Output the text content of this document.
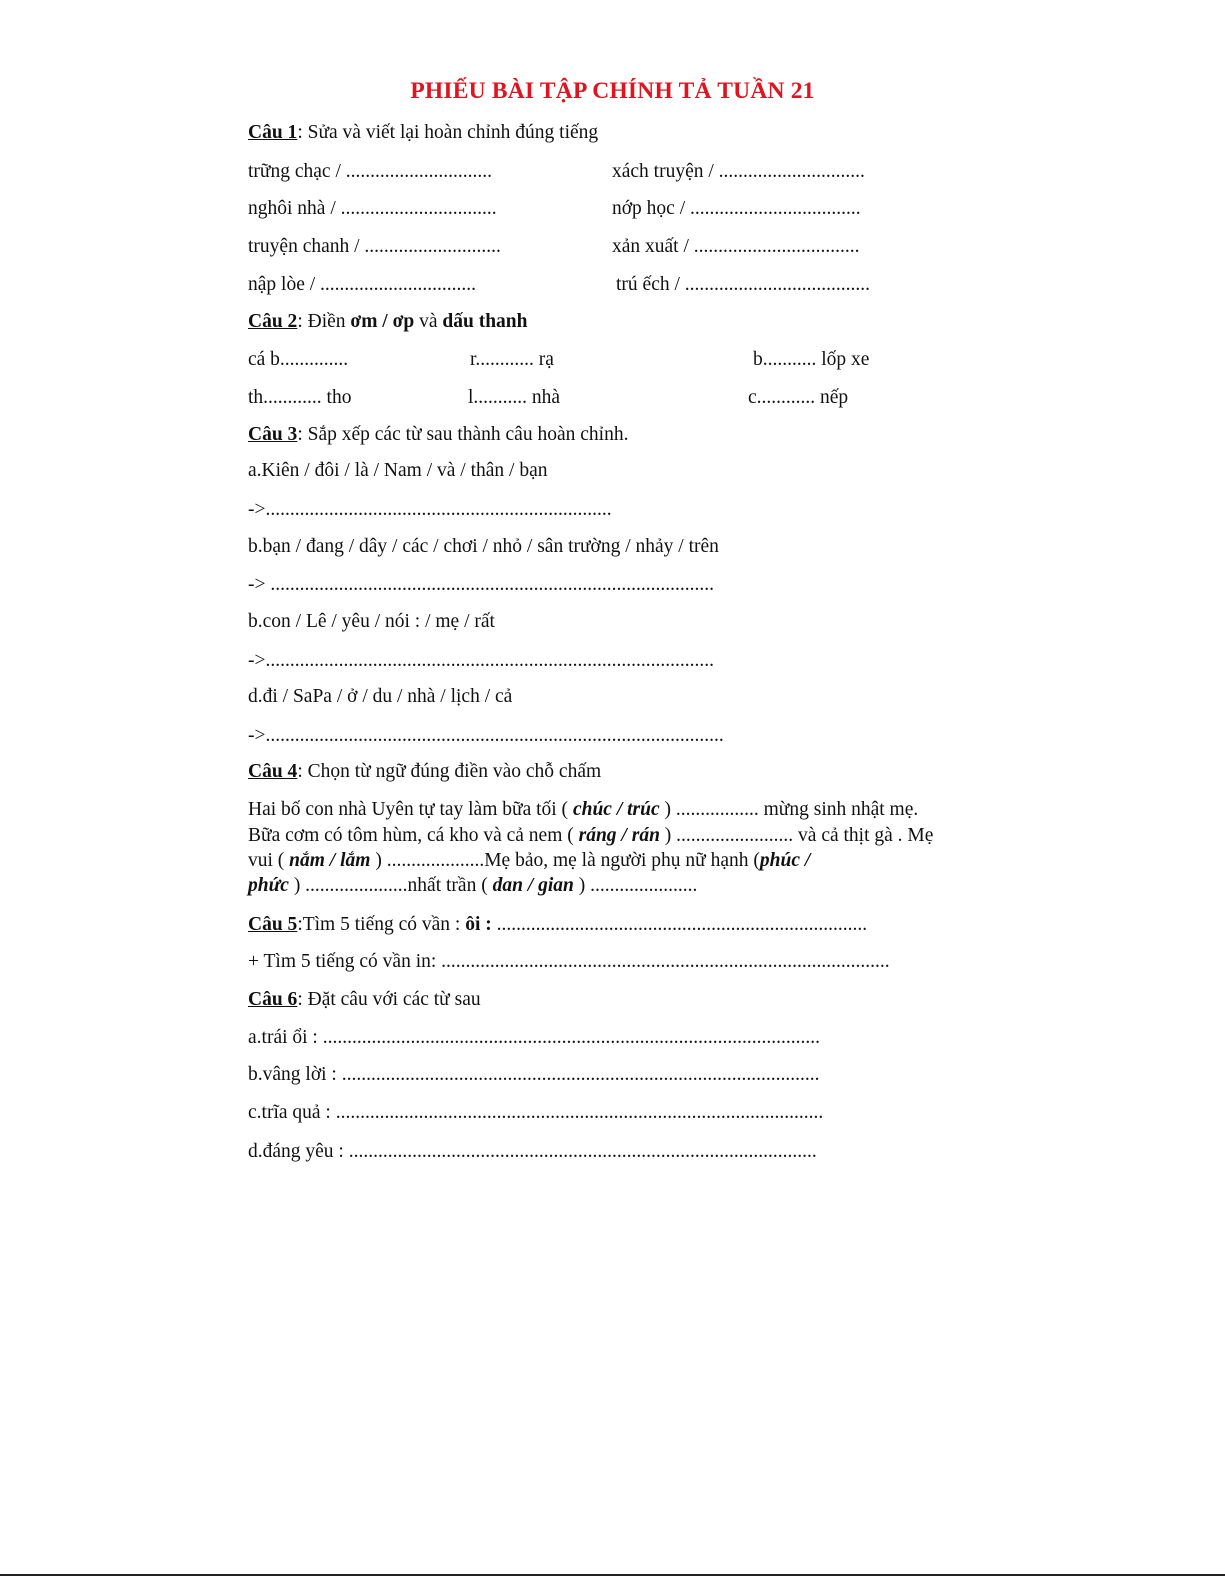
PHIẾU BÀI TẬP CHÍNH TẢ TUẦN 21
Câu 1: Sửa và viết lại hoàn chỉnh đúng tiếng
trững chạc / ..............................	xách truyện / ..............................
nghôi nhà / ................................	nớp học / ...................................
truyện chanh / ............................	xản xuất / ..................................
nập lòe / ................................	trú ếch / ......................................
Câu 2: Điền ơm / ơp và dấu thanh
cá b..............	r............ rạ	b........... lốp xe
th............ tho	l........... nhà	c............ nếp
Câu 3: Sắp xếp các từ sau thành câu hoàn chỉnh.
a.Kiên / đôi / là / Nam / và / thân / bạn
->.......................................................................
b.bạn / đang / dây / các / chơi / nhỏ / sân trường / nhảy / trên
-> ...........................................................................................
b.con / Lê / yêu / nói : / mẹ / rất
->............................................................................................
d.đi / SaPa / ở / du / nhà / lịch / cả
->..............................................................................................
Câu 4: Chọn từ ngữ đúng điền vào chỗ chấm
Hai bố con nhà Uyên tự tay làm bữa tối ( chúc / trúc ) ................. mừng sinh nhật mẹ.
Bữa cơm có tôm hùm, cá kho và cả nem ( ráng / rán ) ........................ và cả thịt gà . Mẹ
vui ( nắm / lắm ) ....................Mẹ bảo, mẹ là người phụ nữ hạnh (phúc /
phức ) .....................nhất trần ( dan / gian ) ......................
Câu 5:Tìm 5 tiếng có vần : ôi : ............................................................................
+ Tìm 5 tiếng có vần in: ............................................................................................
Câu 6: Đặt câu với các từ sau
a.trái ổi : ......................................................................................................
b.vâng lời : ..................................................................................................
c.trĩa quả : ....................................................................................................
d.đáng yêu : ................................................................................................
